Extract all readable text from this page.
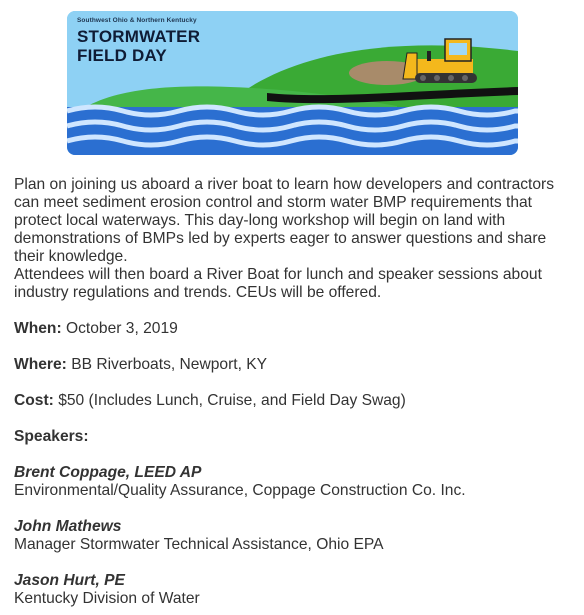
Southwest Ohio & Northern Kentucky
STORMWATER
FIELD DAY

Plan on joining us aboard a river boat to learn how developers and contractors can meet sediment erosion control and storm water BMP requirements that protect local waterways. This day-long workshop will begin on land with demonstrations of BMPs led by experts eager to answer questions and share their knowledge.

Attendees will then board a River Boat for lunch and speaker sessions about industry regulations and trends. CEUs will be offered.

When: October 3, 2019

Where: BB Riverboats, Newport, KY

Cost: $50 (Includes Lunch, Cruise, and Field Day Swag)

Speakers:

Brent Coppage, LEED AP

Environmental/Quality Assurance, Coppage Construction Co. Inc.

John Mathews

Manager Stormwater Technical Assistance, Ohio EPA

Jason Hurt, PE

Kentucky Division of Water
